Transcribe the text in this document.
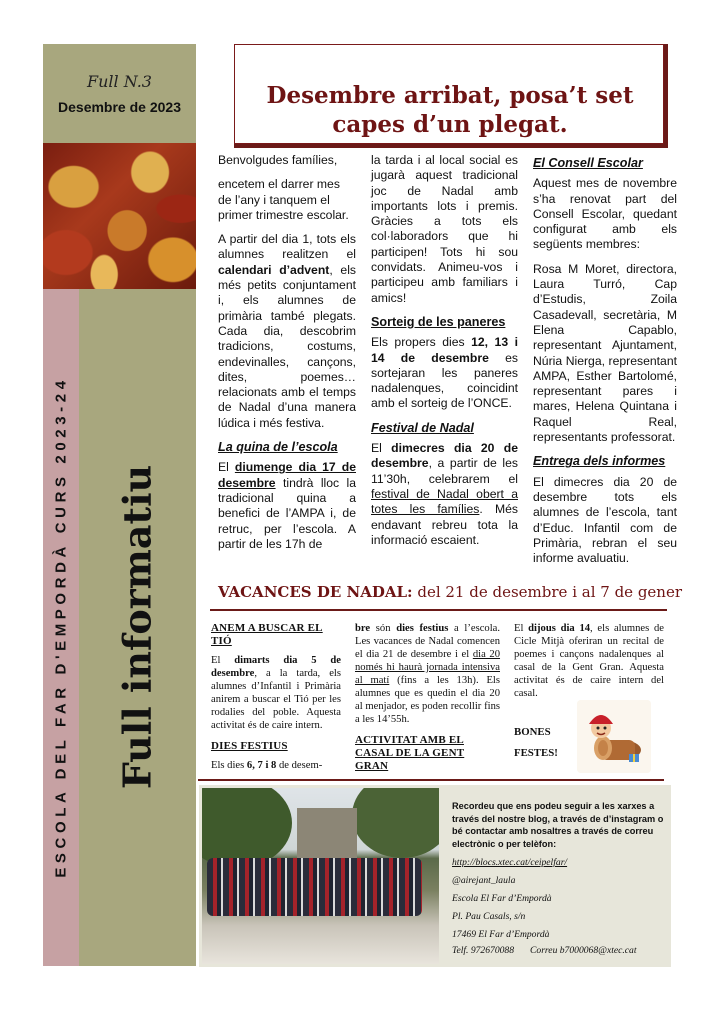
Full N.3
Desembre de 2023
ESCOLA DEL FAR D'EMPORDÀ CURS 2023-24 Full informatiu
Desembre arribat, posa’t set
capes d’un plegat.

Benvolgudes famílies,

encetem el darrer mes de l’any i tanquem el primer trimestre escolar.

A partir del dia 1, tots els alumnes realitzen el calendari d’advent, els més petits conjuntament i, els alumnes de primària també plegats. Cada dia, descobrim tradicions, costums, endevinalles, cançons, dites, poemes… relacionats amb el temps de Nadal d’una manera lúdica i més festiva.

La quina de l’escola

El diumenge dia 17 de desembre tindrà lloc la tradicional quina a benefici de l’AMPA i, de retruc, per l’escola. A partir de les 17h de

la tarda i al local social es jugarà aquest tradicional joc de Nadal amb importants lots i premis. Gràcies a tots els col·laboradors que hi participen! Tots hi sou convidats. Animeu-vos i participeu amb familiars i amics!

Sorteig de les paneres

Els propers dies 12, 13 i 14 de desembre es sortejaran les paneres nadalenques, coincidint amb el sorteig de l’ONCE.

Festival de Nadal

El dimecres dia 20 de desembre, a partir de les 11’30h, celebrarem el festival de Nadal obert a totes les famílies. Més endavant rebreu tota la informació escaient.

El Consell Escolar

Aquest mes de novembre s’ha renovat part del Consell Escolar, quedant configurat amb els següents membres:

Rosa M Moret, directora, Laura Turró, Cap d’Estudis, Zoila Casadevall, secretària, M Elena Capablo, representant Ajuntament, Núria Nierga, representant AMPA, Esther Bartolomé, representant pares i mares, Helena Quintana i Raquel Real, representants professorat.

Entrega dels informes

El dimecres dia 20 de desembre tots els alumnes de l’escola, tant d’Educ. Infantil com de Primària, rebran el seu informe avaluatiu.

VACANCES DE NADAL: del 21 de desembre i al 7 de gener
ANEM A BUSCAR EL TIÓ

El dimarts dia 5 de desembre, a la tarda, els alumnes d’Infantil i Primària anirem a buscar el Tió per les rodalies del poble. Aquesta activitat és de caire intern.

DIES FESTIUS

Els dies 6, 7 i 8 de desem-

bre són dies festius a l’escola. Les vacances de Nadal comencen el dia 21 de desembre i el dia 20 només hi haurà jornada intensiva al matí (fins a les 13h). Els alumnes que es quedin el dia 20 al menjador, es poden recollir fins a les 14’55h.

ACTIVITAT AMB EL CASAL DE LA GENT GRAN

El dijous dia 14, els alumnes de Cicle Mitjà oferiran un recital de poemes i cançons nadalenques al casal de la Gent Gran. Aquesta activitat és de caire intern del casal.

BONES
FESTES!
Recordeu que ens podeu seguir a les xarxes a través del nostre blog, a través de d’instagram o bé contactar amb nosaltres a través de correu electrònic o per telèfon:
http://blocs.xtec.cat/ceipelfar/
@airejant_laula
Escola El Far d’Empordà
Pl. Pau Casals, s/n
17469 El Far d’Empordà
Telf. 972670088 Correu b7000068@xtec.cat
